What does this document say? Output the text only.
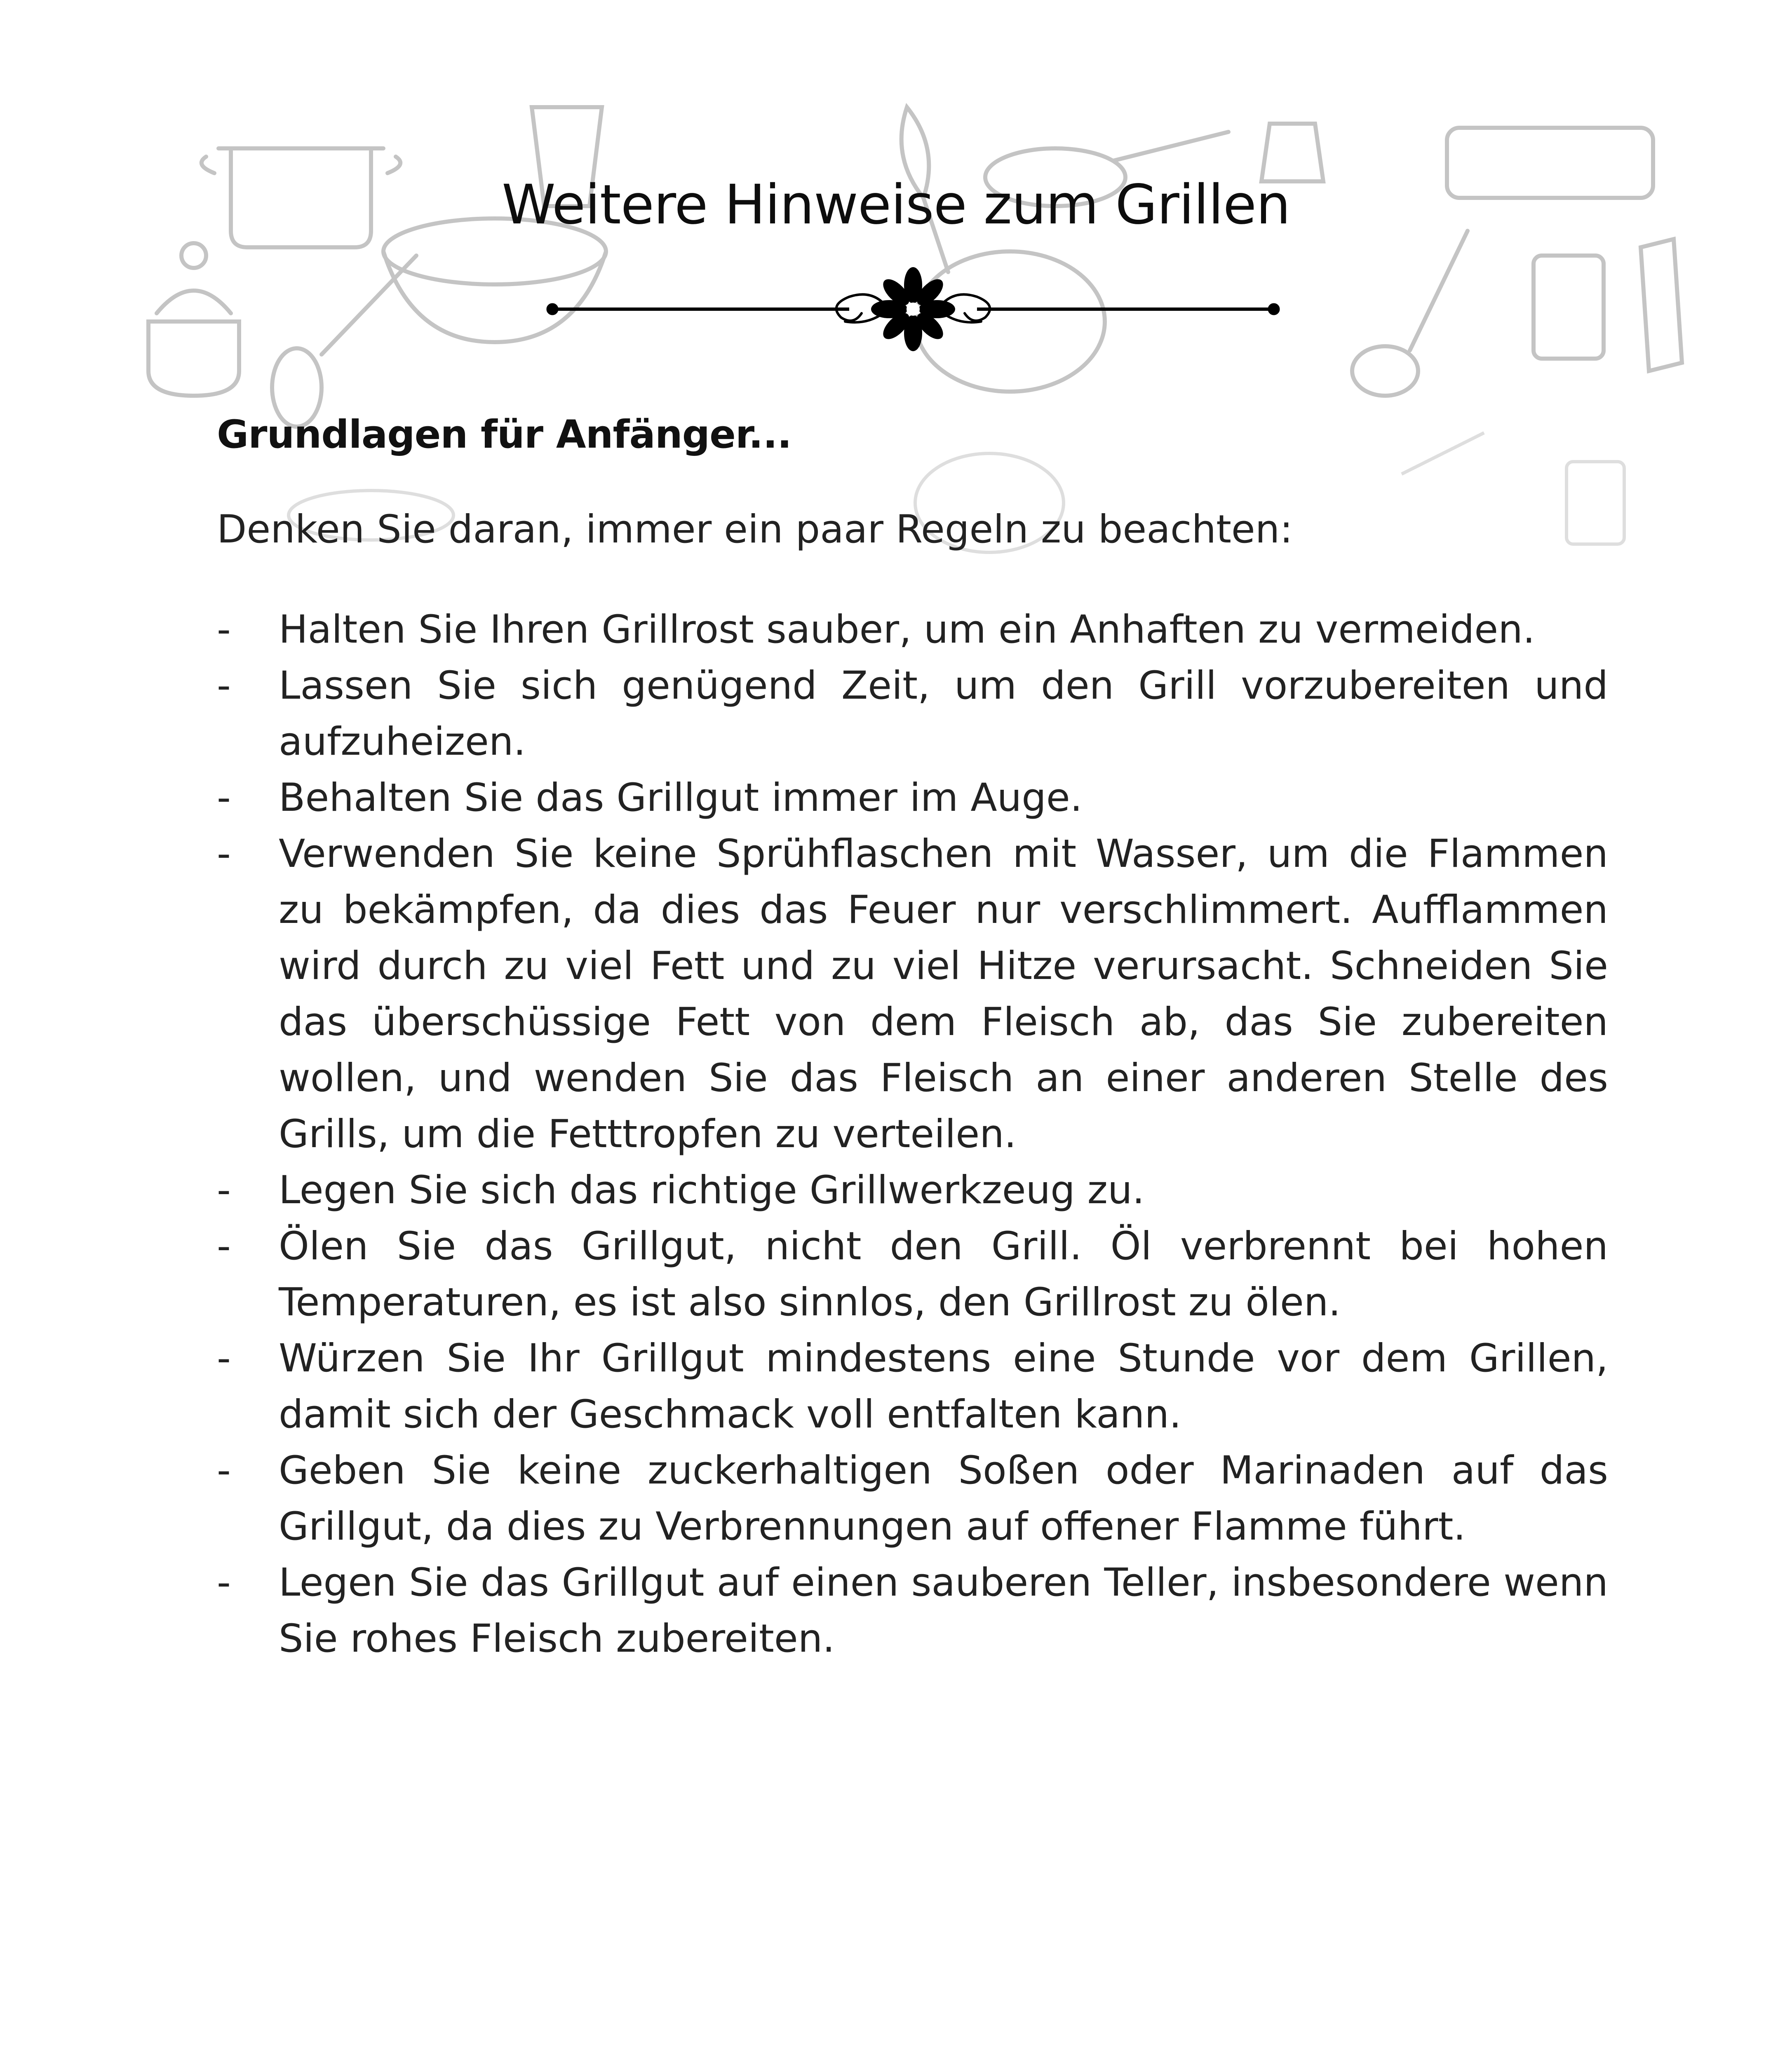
Weitere Hinweise zum Grillen
Grundlagen für Anfänger...

Denken Sie daran, immer ein paar Regeln zu beachten:

- Halten Sie Ihren Grillrost sauber, um ein Anhaften zu vermeiden.
- Lassen Sie sich genügend Zeit, um den Grill vorzubereiten und aufzuheizen.
- Behalten Sie das Grillgut immer im Auge.
- Verwenden Sie keine Sprühflaschen mit Wasser, um die Flammen zu bekämpfen, da dies das Feuer nur verschlimmert. Aufflammen wird durch zu viel Fett und zu viel Hitze verursacht. Schneiden Sie das überschüssige Fett von dem Fleisch ab, das Sie zubereiten wollen, und wenden Sie das Fleisch an einer anderen Stelle des Grills, um die Fetttropfen zu verteilen.
- Legen Sie sich das richtige Grillwerkzeug zu.
- Ölen Sie das Grillgut, nicht den Grill. Öl verbrennt bei hohen Temperaturen, es ist also sinnlos, den Grillrost zu ölen.
- Würzen Sie Ihr Grillgut mindestens eine Stunde vor dem Grillen, damit sich der Geschmack voll entfalten kann.
- Geben Sie keine zuckerhaltigen Soßen oder Marinaden auf das Grillgut, da dies zu Verbrennungen auf offener Flamme führt.
- Legen Sie das Grillgut auf einen sauberen Teller, insbesondere wenn Sie rohes Fleisch zubereiten.
